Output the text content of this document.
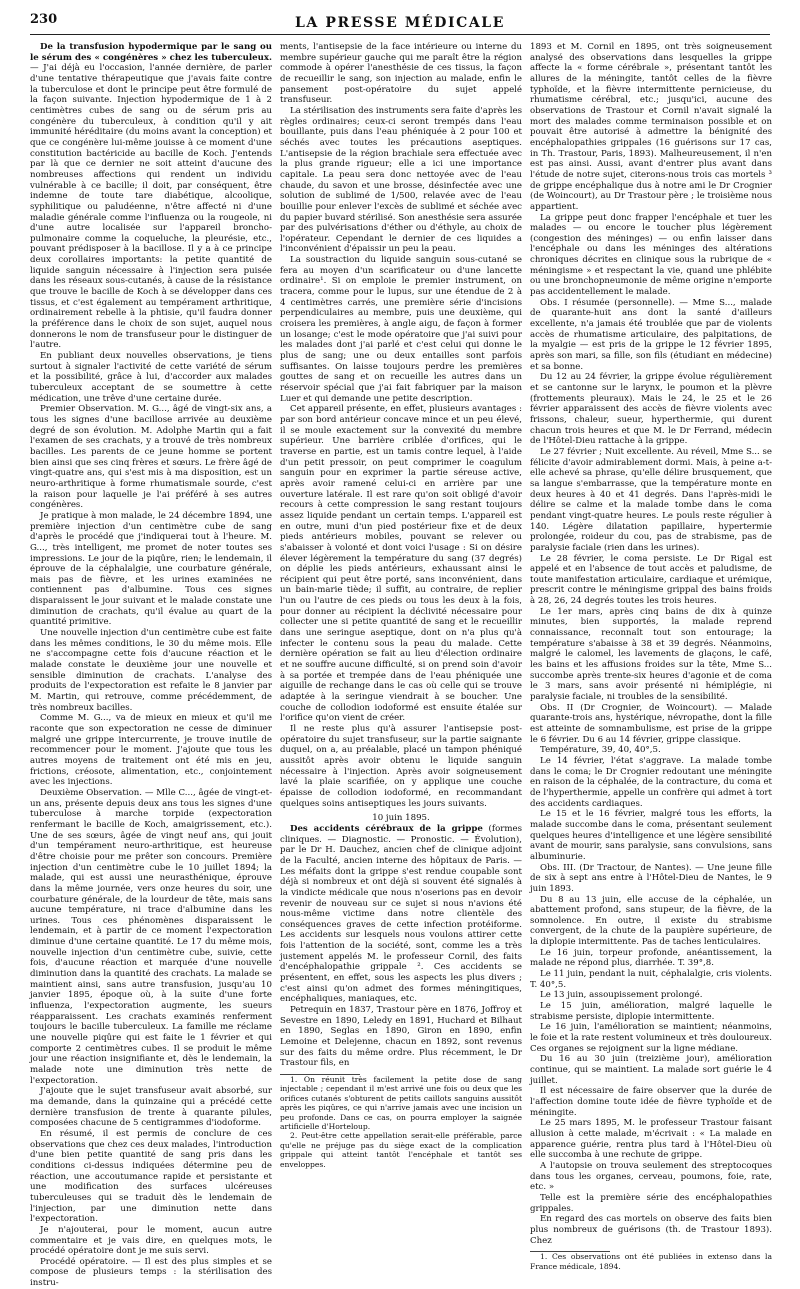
230	LA PRESSE MÉDICALE

De la transfusion hypodermique par le sang ou le sérum des « congénères » chez les tuberculeux. — J'ai déjà eu l'occasion, l'année dernière, de parler d'une tentative thérapeutique que j'avais faite contre la tuberculose et dont le principe peut être formulé de la façon suivante. Injection hypodermique de 1 à 2 centimètres cubes de sang ou de sérum pris au congénère du tuberculeux, à condition qu'il y ait immunité héréditaire (du moins avant la conception) et que ce congénère lui-même jouisse à ce moment d'une constitution bactéricide au bacille de Koch. J'entends par là que ce dernier ne soit atteint d'aucune des nombreuses affections qui rendent un individu vulnérable à ce bacille; il doit, par conséquent, être indemne de toute tare diabétique, alcoolique, syphilitique ou paludéenne, n'être affecté ni d'une maladie générale comme l'influenza ou la rougeole, ni d'une autre localisée sur l'appareil broncho-pulmonaire comme la coqueluche, la pleurésie, etc., pouvant prédisposer à la bacillose. Il y a à ce principe deux corollaires importants: la petite quantité de liquide sanguin nécessaire à l'injection sera puisée dans les réseaux sous-cutanés, à cause de la résistance que trouve le bacille de Koch à se développer dans ces tissus, et c'est également au tempérament arthritique, ordinairement rebelle à la phtisie, qu'il faudra donner la préférence dans le choix de son sujet, auquel nous donnerons le nom de transfuseur pour le distinguer de l'autre.

En publiant deux nouvelles observations, je tiens surtout à signaler l'activité de cette variété de sérum et la possibilité, grâce à lui, d'accorder aux malades tuberculeux acceptant de se soumettre à cette médication, une trêve d'une certaine durée.

Premier Observation. M. G..., âgé de vingt-six ans, a tous les signes d'une bacillose arrivée au deuxième degré de son évolution. M. Adolphe Martin qui a fait l'examen de ses crachats, y a trouvé de très nombreux bacilles. Les parents de ce jeune homme se portent bien ainsi que ses cinq frères et sœurs. Le frère âgé de vingt-quatre ans, qui s'est mis à ma disposition, est un neuro-arthritique à forme rhumatismale sourde, c'est la raison pour laquelle je l'ai préféré à ses autres congénères.

Je pratique à mon malade, le 24 décembre 1894, une première injection d'un centimètre cube de sang d'après le procédé que j'indiquerai tout à l'heure. M. G..., très intelligent, me promet de noter toutes ses impressions. Le jour de la piqûre, rien; le lendemain, il éprouve de la céphalalgie, une courbature générale, mais pas de fièvre, et les urines examinées ne contiennent pas d'albumine. Tous ces signes disparaissent le jour suivant et le malade constate une diminution de crachats, qu'il évalue au quart de la quantité primitive.

Une nouvelle injection d'un centimètre cube est faite dans les mêmes conditions, le 30 du même mois. Elle ne s'accompagne cette fois d'aucune réaction et le malade constate le deuxième jour une nouvelle et sensible diminution de crachats. L'analyse des produits de l'expectoration est refaite le 8 janvier par M. Martin, qui retrouve, comme précédemment, de très nombreux bacilles.

Comme M. G..., va de mieux en mieux et qu'il me raconte que son expectoration ne cesse de diminuer malgré une grippe intercurrente, je trouve inutile de recommencer pour le moment. J'ajoute que tous les autres moyens de traitement ont été mis en jeu, frictions, créosote, alimentation, etc., conjointement avec les injections.

Deuxième Observation. — Mlle C..., âgée de vingt-et-un ans, présente depuis deux ans tous les signes d'une tuberculose à marche torpide (expectoration renfermant le bacille de Koch, amaigrissement, etc.). Une de ses sœurs, âgée de vingt neuf ans, qui jouit d'un tempérament neuro-arthritique, est heureuse d'être choisie pour me prêter son concours. Première injection d'un centimètre cube le 10 juillet 1894; la malade, qui est aussi une neurasthénique, éprouve dans la même journée, vers onze heures du soir, une courbature générale, de la lourdeur de tête, mais sans aucune température, ni trace d'albumine dans les urines. Tous ces phénomènes disparaissent le lendemain, et à partir de ce moment l'expectoration diminue d'une certaine quantité. Le 17 du même mois, nouvelle injection d'un centimètre cube, suivie, cette fois, d'aucune réaction et marquée d'une nouvelle diminution dans la quantité des crachats. La malade se maintient ainsi, sans autre transfusion, jusqu'au 10 janvier 1895, époque où, à la suite d'une forte influenza, l'expectoration augmente, les sueurs réapparaissent. Les crachats examinés renferment toujours le bacille tuberculeux. La famille me réclame une nouvelle piqûre qui est faite le 1 février et qui comporte 2 centimètres cubes. Il se produit le même jour une réaction insignifiante et, dès le lendemain, la malade note une diminution très nette de l'expectoration.

J'ajoute que le sujet transfuseur avait absorbé, sur ma demande, dans la quinzaine qui a précédé cette dernière transfusion de trente à quarante pilules, composées chacune de 5 centigrammes d'iodoforme.

En résumé, il est permis de conclure de ces observations que chez ces deux malades, l'introduction d'une bien petite quantité de sang pris dans les conditions ci-dessus indiquées détermine peu de réaction, une accoutumance rapide et persistante et une modification des surfaces ulcéreuses tuberculeuses qui se traduit dès le lendemain de l'injection, par une diminution nette dans l'expectoration.

Je n'ajouterai, pour le moment, aucun autre commentaire et je vais dire, en quelques mots, le procédé opératoire dont je me suis servi.

Procédé opératoire. — Il est des plus simples et se compose de plusieurs temps : la stérilisation des instru-

ments, l'antisepsie de la face intérieure ou interne du membre supérieur gauche qui me paraît être la région commode à opérer l'anesthésie de ces tissus, la façon de recueillir le sang, son injection au malade, enfin le pansement post-opératoire du sujet appelé transfuseur.

La stérilisation des instruments sera faite d'après les règles ordinaires; ceux-ci seront trempés dans l'eau bouillante, puis dans l'eau phéniquée à 2 pour 100 et séchés avec toutes les précautions aseptiques. L'antisepsie de la région brachiale sera effectuée avec la plus grande rigueur; elle a ici une importance capitale. La peau sera donc nettoyée avec de l'eau chaude, du savon et une brosse, désinfectée avec une solution de sublimé de 1/500, relavée avec de l'eau bouillie pour enlever l'excès de sublimé et séchée avec du papier buvard stérilisé. Son anesthésie sera assurée par des pulvérisations d'éther ou d'éthyle, au choix de l'opérateur. Cependant le dernier de ces liquides a l'inconvénient d'épaissir un peu la peau.

La soustraction du liquide sanguin sous-cutané se fera au moyen d'un scarificateur ou d'une lancette ordinaire¹. Si on emploie le premier instrument, on tracera, comme pour le lupus, sur une étendue de 2 à 4 centimètres carrés, une première série d'incisions perpendiculaires au membre, puis une deuxième, qui croisera les premières, à angle aigu, de façon à former un losange; c'est le mode opératoire que j'ai suivi pour les malades dont j'ai parlé et c'est celui qui donne le plus de sang; une ou deux entailles sont parfois suffisantes. On laisse toujours perdre les premières gouttes de sang et on recueille les autres dans un réservoir spécial que j'ai fait fabriquer par la maison Luer et qui demande une petite description.

Cet appareil présente, en effet, plusieurs avantages : par son bord antérieur concave mince et un peu élevé, il se moule exactement sur la convexité du membre supérieur. Une barrière criblée d'orifices, qui le traverse en partie, est un tamis contre lequel, à l'aide d'un petit pressoir, on peut comprimer le coagulum sanguin pour en exprimer la partie séreuse active, après avoir ramené celui-ci en arrière par une ouverture latérale. Il est rare qu'on soit obligé d'avoir recours à cette compression le sang restant toujours assez liquide pendant un certain temps. L'appareil est en outre, muni d'un pied postérieur fixe et de deux pieds antérieurs mobiles, pouvant se relever ou s'abaisser à volonté et dont voici l'usage : Si on désire élever légèrement la température du sang (37 degrés) on déplie les pieds antérieurs, exhaussant ainsi le récipient qui peut être porté, sans inconvénient, dans un bain-marie tiède; il suffit, au contraire, de replier l'un ou l'autre de ces pieds ou tous les deux à la fois, pour donner au récipient la déclivité nécessaire pour collecter une si petite quantité de sang et le recueillir dans une seringue aseptique, dont on n'a plus qu'à infecter le contenu sous la peau du malade. Cette dernière opération se fait au lieu d'élection ordinaire et ne souffre aucune difficulté, si on prend soin d'avoir à sa portée et trempée dans de l'eau phéniquée une aiguille de rechange dans le cas où celle qui se trouve adaptée à la seringue viendrait à se boucher. Une couche de collodion iodoformé est ensuite étalée sur l'orifice qu'on vient de créer.

Il ne reste plus qu'à assurer l'antisepsie post-opératoire du sujet transfuseur, sur la partie saignante duquel, on a, au préalable, placé un tampon phéniqué aussitôt après avoir obtenu le liquide sanguin nécessaire à l'injection. Après avoir soigneusement lavé la plaie scarifiée, on y applique une couche épaisse de collodion iodoformé, en recommandant quelques soins antiseptiques les jours suivants.

10 juin 1895.

Des accidents cérébraux de la grippe (formes cliniques. — Diagnostic. — Pronostic. — Évolution), par le Dr H. Dauchez, ancien chef de clinique adjoint de la Faculté, ancien interne des hôpitaux de Paris. — Les méfaits dont la grippe s'est rendue coupable sont déjà si nombreux et ont déjà si souvent été signalés à la vindicte médicale que nous n'oserions pas en devoir revenir de nouveau sur ce sujet si nous n'avions été nous-même victime dans notre clientèle des conséquences graves de cette infection protéiforme. Les accidents sur lesquels nous voulons attirer cette fois l'attention de la société, sont, comme les a très justement appelés M. le professeur Cornil, des faits d'encéphalopathie grippale ². Ces accidents se présentent, en effet, sous les aspects les plus divers ; c'est ainsi qu'on admet des formes méningitiques, encéphaliques, maniaques, etc.

Petrequin en 1837, Trastour père en 1876, Joffroy et Sevestre en 1890, Leledy en 1891, Huchard et Bilhaut en 1890, Seglas en 1890, Giron en 1890, enfin Lemoine et Delejenne, chacun en 1892, sont revenus sur des faits du même ordre. Plus récemment, le Dr Trastour fils, en

1. On réunit très facilement la petite dose de sang injectable ; cependant il m'est arrivé une fois ou deux que les orifices cutanés s'obturent de petits caillots sanguins aussitôt après les piqûres, ce qui n'arrive jamais avec une incision un peu profonde. Dans ce cas, on pourra employer la saignée artificielle d'Horteloup.

2. Peut-être cette appellation serait-elle préférable, parce qu'elle ne préjuge pas du siège exact de la complication grippale qui atteint tantôt l'encéphale et tantôt ses enveloppes.

1893 et M. Cornil en 1895, ont très soigneusement analysé des observations dans lesquelles la grippe affecte la « forme cérébrale », présentant tantôt les allures de la méningite, tantôt celles de la fièvre typhoïde, et la fièvre intermittente pernicieuse, du rhumatisme cérébral, etc.; jusqu'ici, aucune des observations de Trastour et Cornil n'avait signalé la mort des malades comme terminaison possible et on pouvait être autorisé à admettre la bénignité des encéphalopathies grippales (16 guérisons sur 17 cas, in Th. Trastour, Paris, 1893). Malheureusement, il n'en est pas ainsi. Aussi, avant d'entrer plus avant dans l'étude de notre sujet, citerons-nous trois cas mortels ³ de grippe encéphalique dus à notre ami le Dr Crognier (de Woincourt), au Dr Trastour père ; le troisième nous appartient.

La grippe peut donc frapper l'encéphale et tuer les malades — ou encore le toucher plus légèrement (congestion des méninges) — ou enfin laisser dans l'encéphale ou dans les méninges des altérations chroniques décrites en clinique sous la rubrique de « méningisme » et respectant la vie, quand une phlébite ou une bronchopneumonie de même origine n'emporte pas accidentellement le malade.

Obs. I résumée (personnelle). — Mme S..., malade de quarante-huit ans dont la santé d'ailleurs excellente, n'a jamais été troublée que par de violents accès de rhumatisme articulaire, des palpitations, de la myalgie — est pris de la grippe le 12 février 1895, après son mari, sa fille, son fils (étudiant en médecine) et sa bonne.

Du 12 au 24 février, la grippe évolue régulièrement et se cantonne sur le larynx, le poumon et la plèvre (frottements pleuraux). Mais le 24, le 25 et le 26 février apparaissent des accès de fièvre violents avec frissons, chaleur, sueur, hyperthermie, qui durent chacun trois heures et que M. le Dr Ferrand, médecin de l'Hôtel-Dieu rattache à la grippe.

Le 27 février ; Nuit excellente. Au réveil, Mme S... se félicite d'avoir admirablement dormi. Mais, à peine a-t-elle achevé sa phrase, qu'elle délire brusquement, que sa langue s'embarrasse, que la température monte en deux heures à 40 et 41 degrés. Dans l'après-midi le délire se calme et la malade tombe dans le coma pendant vingt-quatre heures. Le pouls reste régulier à 140. Légère dilatation papillaire, hypertermie prolongée, roideur du cou, pas de strabisme, pas de paralysie faciale (rien dans les urines).

Le 28 février, le coma persiste. Le Dr Rigal est appelé et en l'absence de tout accès et paludisme, de toute manifestation articulaire, cardiaque et urémique, prescrit contre le méningisme grippal des bains froids à 28, 26, 24 degrés toutes les trois heures.

Le 1er mars, après cinq bains de dix à quinze minutes, bien supportés, la malade reprend connaissance, reconnaît tout son entourage; la température s'abaisse à 38 et 39 degrés. Néanmoins, malgré le calomel, les lavements de glaçons, le café, les bains et les affusions froides sur la tête, Mme S... succombe après trente-six heures d'agonie et de coma le 3 mars, sans avoir présenté ni hémiplégie, ni paralysie faciale, ni troubles de la sensibilité.

Obs. II (Dr Crognier, de Woincourt). — Malade quarante-trois ans, hystérique, névropathe, dont la fille est atteinte de somnambulisme, est prise de la grippe le 6 février. Du 6 au 14 février, grippe classique.

Température, 39, 40, 40°,5.

Le 14 février, l'état s'aggrave. La malade tombe dans le coma; le Dr Crognier redoutant une méningite en raison de la céphalée, de la contracture, du coma et de l'hyperthermie, appelle un confrère qui admet à tort des accidents cardiaques.

Le 15 et le 16 février, malgré tous les efforts, la malade succombe dans le coma, présentant seulement quelques heures d'intelligence et une légère sensibilité avant de mourir, sans paralysie, sans convulsions, sans albuminurie.

Obs. III. (Dr Tractour, de Nantes). — Une jeune fille de six à sept ans entre à l'Hôtel-Dieu de Nantes, le 9 juin 1893.

Du 8 au 13 juin, elle accuse de la céphalée, un abattement profond, sans stupeur, de la fièvre, de la somnolence. En outre, il existe du strabisme convergent, de la chute de la paupière supérieure, de la diplopie intermittente. Pas de taches lenticulaires.

Le 16 juin, torpeur profonde, anéantissement, la malade ne répond plus, diarrhée. T. 39°,8.

Le 11 juin, pendant la nuit, céphalalgie, cris violents. T. 40°,5.

Le 13 juin, assoupissement prolongé.

Le 15 juin, amélioration, malgré laquelle le strabisme persiste, diplopie intermittente.

Le 16 juin, l'amélioration se maintient; néanmoins, le foie et la rate restent volumineux et très douloureux. Ces organes se rejoignent sur la ligne médiane.

Du 16 au 30 juin (treizième jour), amélioration continue, qui se maintient. La malade sort guérie le 4 juillet.

Il est nécessaire de faire observer que la durée de l'affection domine toute idée de fièvre typhoïde et de méningite.

Le 25 mars 1895, M. le professeur Trastour faisant allusion à cette malade, m'écrivait : « La malade en apparence guérie, rentra plus tard à l'Hôtel-Dieu où elle succomba à une rechute de grippe.

A l'autopsie on trouva seulement des streptocoques dans tous les organes, cerveau, poumons, foie, rate, etc. »

Telle est la première série des encéphalopathies grippales.

En regard des cas mortels on observe des faits bien plus nombreux de guérisons (th. de Trastour 1893). Chez

1. Ces observations ont été publiées in extenso dans la France médicale, 1894.
